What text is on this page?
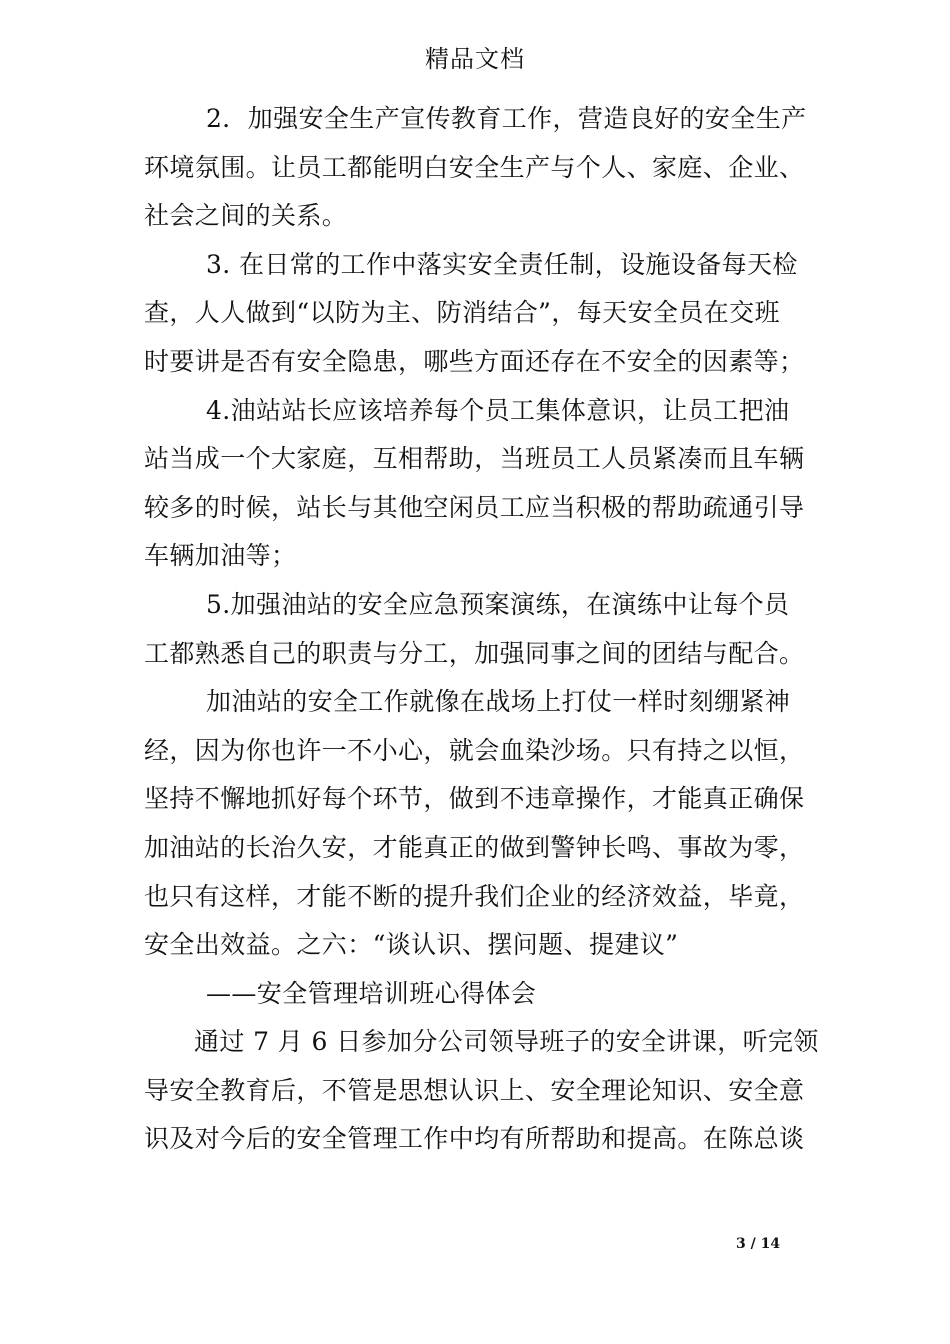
精品文档
2．加强安全生产宣传教育工作，营造良好的安全生产
环境氛围。让员工都能明白安全生产与个人、家庭、企业、
社会之间的关系。
3. 在日常的工作中落实安全责任制，设施设备每天检
查，人人做到“以防为主、防消结合”，每天安全员在交班
时要讲是否有安全隐患，哪些方面还存在不安全的因素等；
4.油站站长应该培养每个员工集体意识，让员工把油
站当成一个大家庭，互相帮助，当班员工人员紧凑而且车辆
较多的时候，站长与其他空闲员工应当积极的帮助疏通引导
车辆加油等；
5.加强油站的安全应急预案演练，在演练中让每个员
工都熟悉自己的职责与分工，加强同事之间的团结与配合。
加油站的安全工作就像在战场上打仗一样时刻绷紧神
经，因为你也许一不小心，就会血染沙场。只有持之以恒，
坚持不懈地抓好每个环节，做到不违章操作，才能真正确保
加油站的长治久安，才能真正的做到警钟长鸣、事故为零，
也只有这样，才能不断的提升我们企业的经济效益，毕竟，
安全出效益。之六：“谈认识、摆问题、提建议”
——安全管理培训班心得体会
通过 7 月 6 日参加分公司领导班子的安全讲课，听完领
导安全教育后，不管是思想认识上、安全理论知识、安全意
识及对今后的安全管理工作中均有所帮助和提高。在陈总谈
3 / 14
